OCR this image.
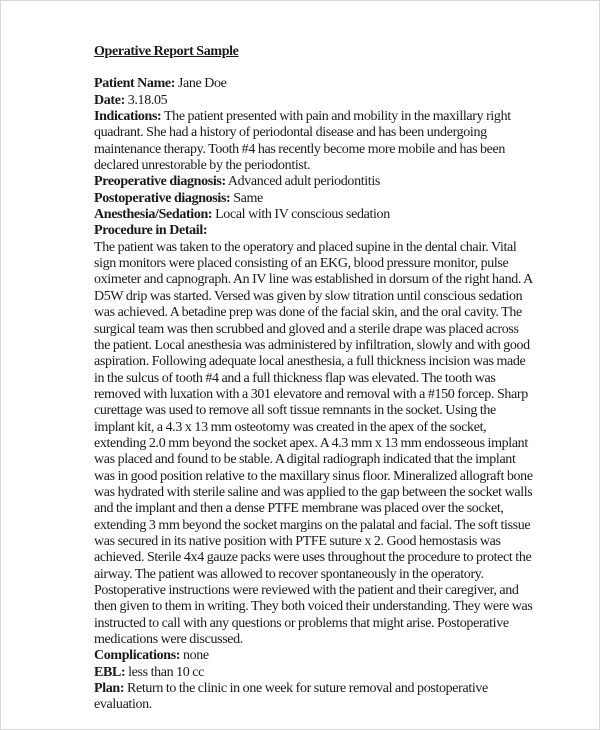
Operative Report Sample
Patient Name: Jane Doe
Date: 3.18.05
Indications: The patient presented with pain and mobility in the maxillary right quadrant. She had a history of periodontal disease and has been undergoing maintenance therapy. Tooth #4 has recently become more mobile and has been declared unrestorable by the periodontist.
Preoperative diagnosis: Advanced adult periodontitis
Postoperative diagnosis: Same
Anesthesia/Sedation: Local with IV conscious sedation
Procedure in Detail:
The patient was taken to the operatory and placed supine in the dental chair. Vital sign monitors were placed consisting of an EKG, blood pressure monitor, pulse oximeter and capnograph. An IV line was established in dorsum of the right hand. A D5W drip was started. Versed was given by slow titration until conscious sedation was achieved. A betadine prep was done of the facial skin, and the oral cavity. The surgical team was then scrubbed and gloved and a sterile drape was placed across the patient. Local anesthesia was administered by infiltration, slowly and with good aspiration. Following adequate local anesthesia, a full thickness incision was made in the sulcus of tooth #4 and a full thickness flap was elevated. The tooth was removed with luxation with a 301 elevatore and removal with a #150 forcep. Sharp curettage was used to remove all soft tissue remnants in the socket. Using the implant kit, a 4.3 x 13 mm osteotomy was created in the apex of the socket, extending 2.0 mm beyond the socket apex. A 4.3 mm x 13 mm endosseous implant was placed and found to be stable. A digital radiograph indicated that the implant was in good position relative to the maxillary sinus floor. Mineralized allograft bone was hydrated with sterile saline and was applied to the gap between the socket walls and the implant and then a dense PTFE membrane was placed over the socket, extending 3 mm beyond the socket margins on the palatal and facial. The soft tissue was secured in its native position with PTFE suture x 2. Good hemostasis was achieved. Sterile 4x4 gauze packs were uses throughout the procedure to protect the airway. The patient was allowed to recover spontaneously in the operatory. Postoperative instructions were reviewed with the patient and their caregiver, and then given to them in writing. They both voiced their understanding. They were was instructed to call with any questions or problems that might arise. Postoperative medications were discussed.
Complications: none
EBL: less than 10 cc
Plan: Return to the clinic in one week for suture removal and postoperative evaluation.
